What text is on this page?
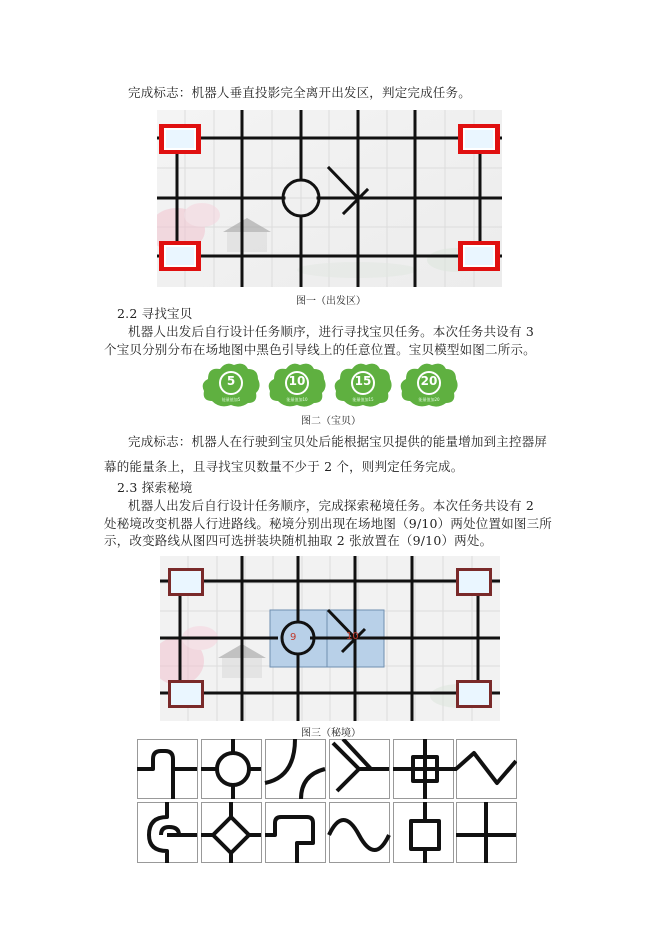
完成标志：机器人垂直投影完全离开出发区，判定完成任务。
图一（出发区）
2.2 寻找宝贝
机器人出发后自行设计任务顺序，进行寻找宝贝任务。本次任务共设有 3
个宝贝分别分布在场地图中黑色引导线上的任意位置。宝贝模型如图二所示。
5
能量值加5
10
能量值加10
15
能量值加15
20
能量值加20
图二（宝贝）
完成标志：机器人在行驶到宝贝处后能根据宝贝提供的能量增加到主控器屏
幕的能量条上，且寻找宝贝数量不少于 2 个，则判定任务完成。
2.3 探索秘境
机器人出发后自行设计任务顺序，完成探索秘境任务。本次任务共设有 2
处秘境改变机器人行进路线。秘境分别出现在场地图（9/10）两处位置如图三所
示，改变路线从图四可选拼装块随机抽取 2 张放置在（9/10）两处。
9	10
图三（秘境）
